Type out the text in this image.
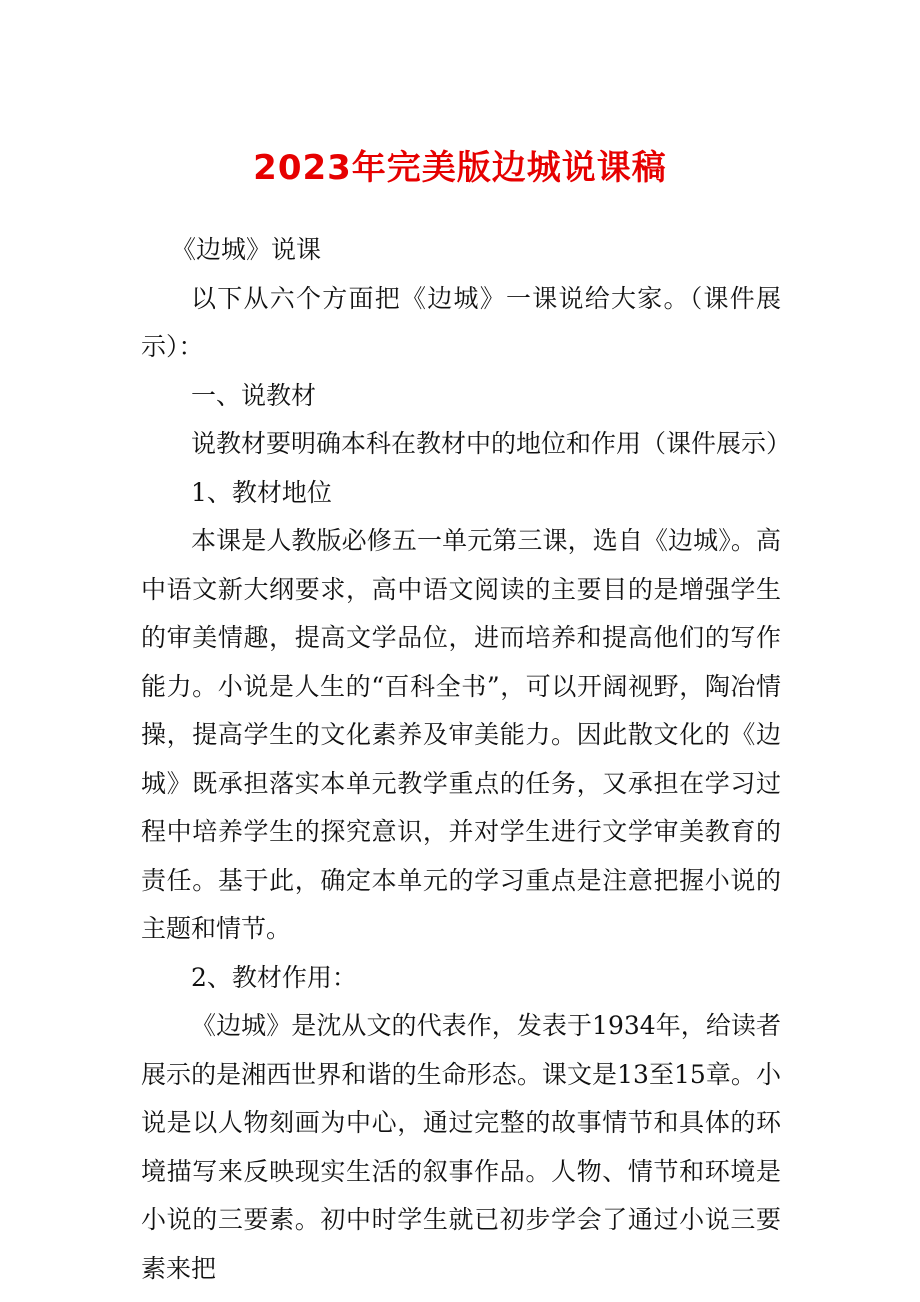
2023年完美版边城说课稿

《边城》说课

以下从六个方面把《边城》一课说给大家。（课件展示）：

一、说教材

说教材要明确本科在教材中的地位和作用（课件展示）

1、教材地位

本课是人教版必修五一单元第三课，选自《边城》。高中语文新大纲要求，高中语文阅读的主要目的是增强学生的审美情趣，提高文学品位，进而培养和提高他们的写作能力。小说是人生的“百科全书”，可以开阔视野，陶冶情操，提高学生的文化素养及审美能力。因此散文化的《边城》既承担落实本单元教学重点的任务，又承担在学习过程中培养学生的探究意识，并对学生进行文学审美教育的责任。基于此，确定本单元的学习重点是注意把握小说的主题和情节。

2、教材作用：

《边城》是沈从文的代表作，发表于1934年，给读者展示的是湘西世界和谐的生命形态。课文是13至15章。小说是以人物刻画为中心，通过完整的故事情节和具体的环境描写来反映现实生活的叙事作品。人物、情节和环境是小说的三要素。初中时学生就已初步学会了通过小说三要素来把
